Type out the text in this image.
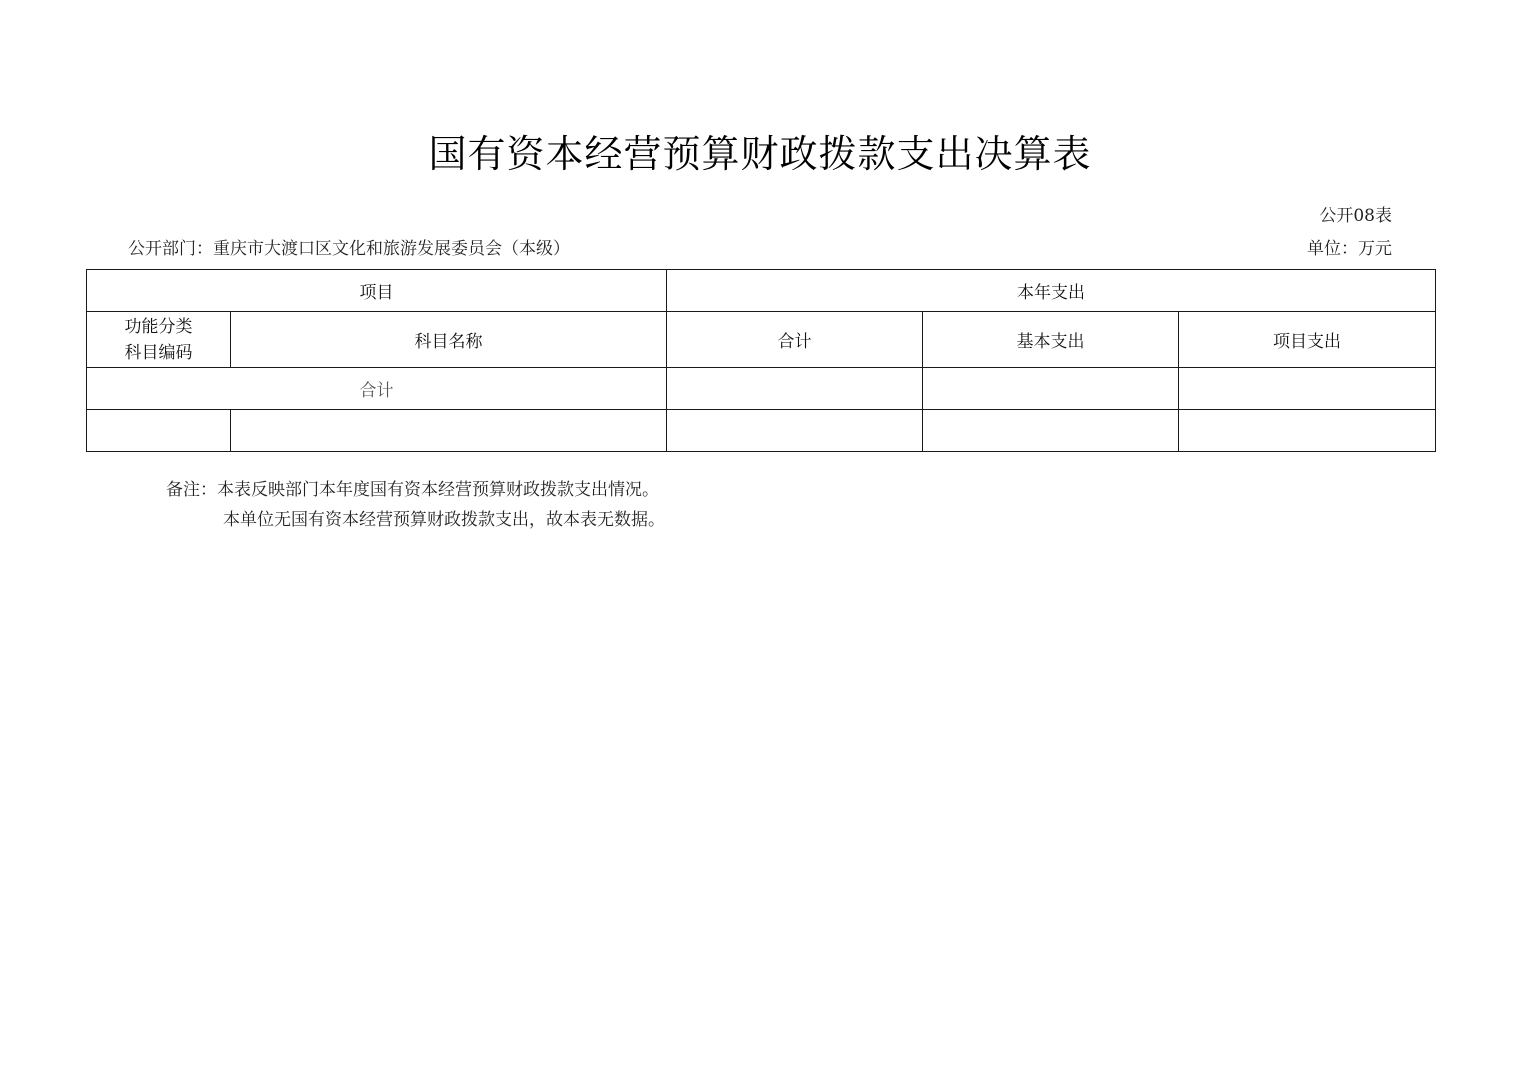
国有资本经营预算财政拨款支出决算表
公开08表
公开部门：重庆市大渡口区文化和旅游发展委员会（本级）	单位：万元
项目		本年支出		

功能分类
科目编码	科目名称	合计	基本支出	项目支出
合计				

备注：本表反映部门本年度国有资本经营预算财政拨款支出情况。
本单位无国有资本经营预算财政拨款支出，故本表无数据。
